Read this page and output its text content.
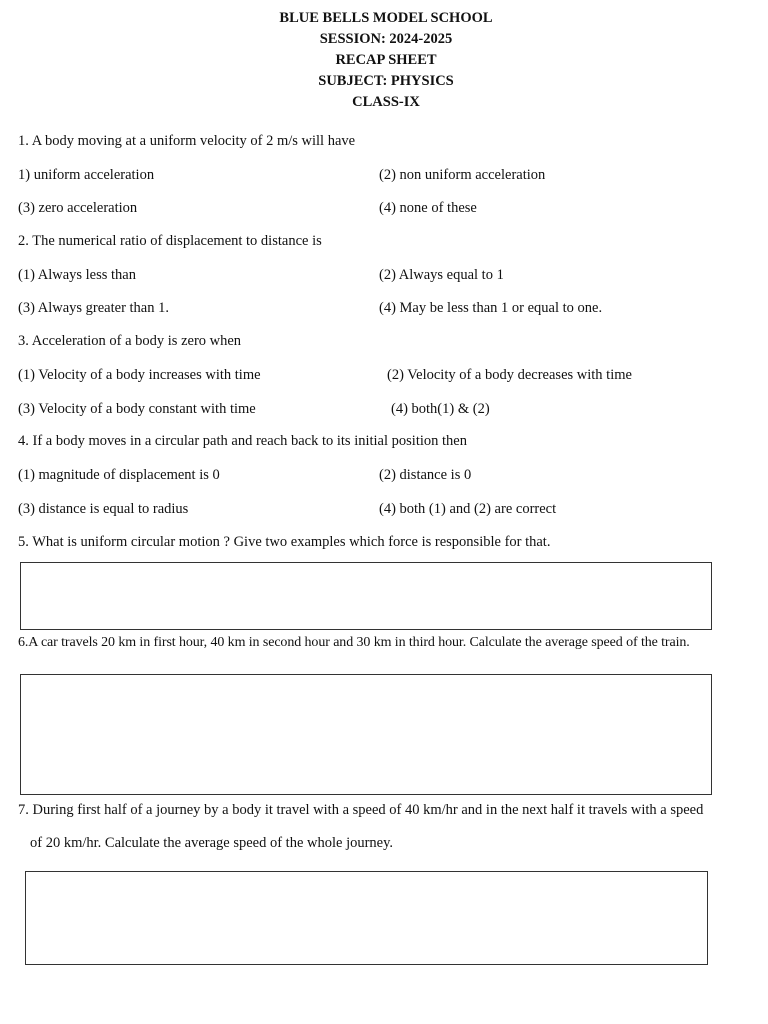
BLUE BELLS MODEL SCHOOL
SESSION: 2024-2025
RECAP SHEET
SUBJECT: PHYSICS
CLASS-IX
1. A body moving at a uniform velocity of 2 m/s will have
1) uniform acceleration	(2) non uniform acceleration
(3) zero acceleration	(4) none of these
2. The numerical ratio of displacement to distance is
(1) Always less than	(2) Always equal to 1
(3) Always greater than 1.	(4) May be less than 1 or equal to one.
3. Acceleration of a body is zero when
(1) Velocity of a body increases with time	(2) Velocity of a body decreases with time
(3) Velocity of a body constant with time	(4) both(1) & (2)
4. If a body moves in a circular path and reach back to its initial position then
(1) magnitude of displacement is 0	(2) distance is 0
(3) distance is equal to radius	(4) both (1) and (2) are correct
5. What is uniform circular motion ? Give two examples which force is responsible for that.
6.A car travels 20 km in first hour, 40 km in second hour and 30 km in third hour. Calculate the average speed of the train.
7. During first half of a journey by a body it travel with a speed of 40 km/hr and in the next half it travels with a speed
of 20 km/hr. Calculate the average speed of the whole journey.
